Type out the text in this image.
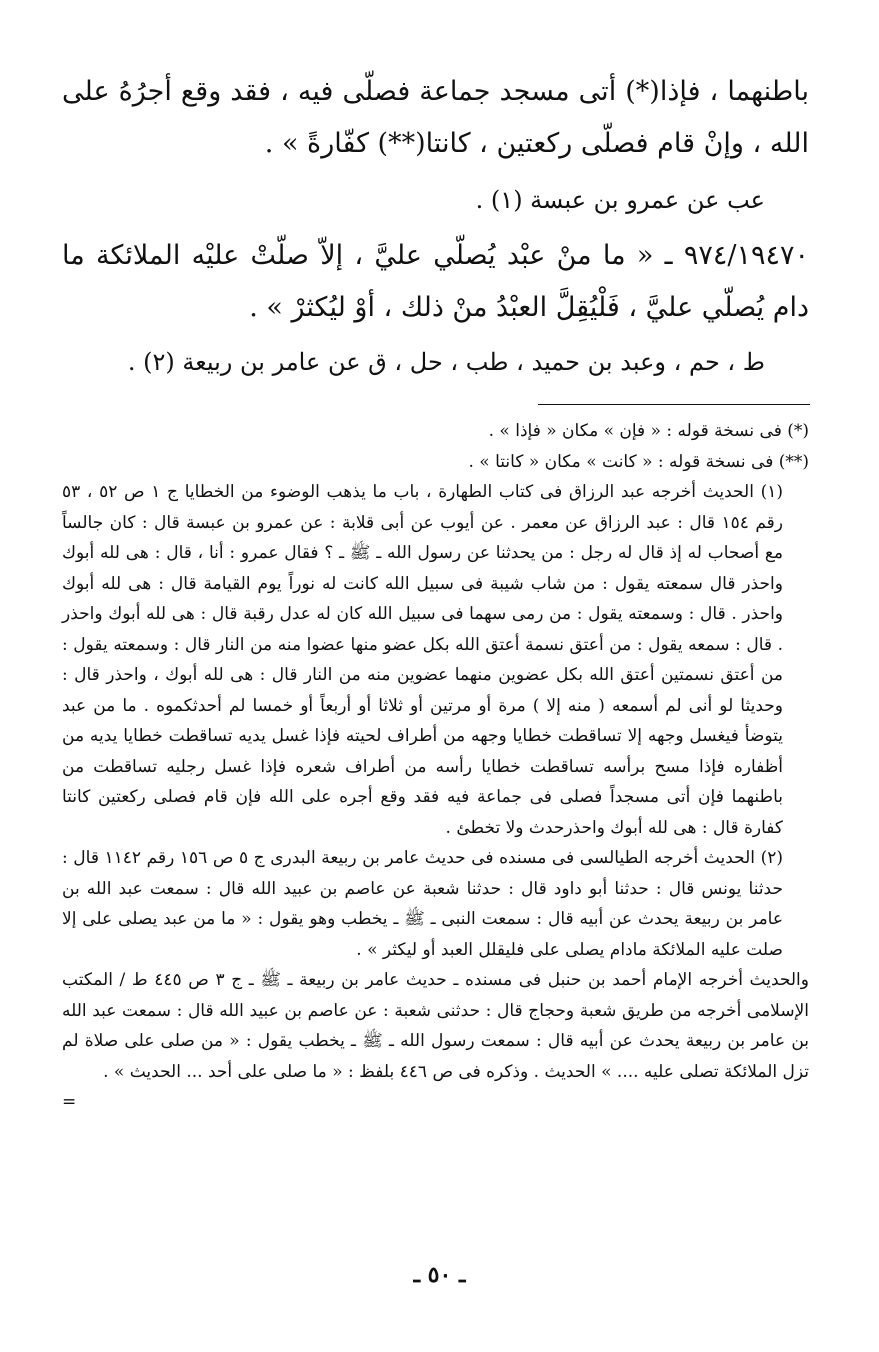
باطنهما ، فإذا(*) أتى مسجد جماعة فصلّى فيه ، فقد وقع أجرُهُ على الله ، وإنْ قام فصلّى ركعتين ، كانتا(**) كفّارةً » .

عب عن عمرو بن عبسة (١) .

٩٧٤/١٩٤٧٠ ـ « ما منْ عبْد يُصلّي عليَّ ، إلاّ صلّتْ عليْه الملائكة ما دام يُصلّي عليَّ ، فَلْيُقِلَّ العبْدُ منْ ذلك ، أوْ ليُكثرْ » .

ط ، حم ، وعبد بن حميد ، طب ، حل ، ق عن عامر بن ربيعة (٢) .

(*) فى نسخة قوله : « فإن » مكان « فإذا » .

(**) فى نسخة قوله : « كانت » مكان « كانتا » .

(١) الحديث أخرجه عبد الرزاق فى كتاب الطهارة ، باب ما يذهب الوضوء من الخطايا ج ١ ص ٥٢ ، ٥٣ رقم ١٥٤ قال : عبد الرزاق عن معمر . عن أيوب عن أبى قلابة : عن عمرو بن عبسة قال : كان جالساً مع أصحاب له إذ قال له رجل : من يحدثنا عن رسول الله ـ ﷺ ـ ؟ فقال عمرو : أنا ، قال : هى لله أبوك واحذر قال سمعته يقول : من شاب شيبة فى سبيل الله كانت له نوراً يوم القيامة قال : هى لله أبوك واحذر . قال : وسمعته يقول : من رمى سهما فى سبيل الله كان له عدل رقبة قال : هى لله أبوك واحذر . قال : سمعه يقول : من أعتق نسمة أعتق الله بكل عضو منها عضوا منه من النار قال : وسمعته يقول : من أعتق نسمتين أعتق الله بكل عضوين منهما عضوين منه من النار قال : هى لله أبوك ، واحذر قال : وحديثا لو أنى لم أسمعه ( منه إلا ) مرة أو مرتين أو ثلاثا أو أربعاً أو خمسا لم أحدثكموه . ما من عبد يتوضأ فيغسل وجهه إلا تساقطت خطايا وجهه من أطراف لحيته فإذا غسل يديه تساقطت خطايا يديه من أظفاره فإذا مسح برأسه تساقطت خطايا رأسه من أطراف شعره فإذا غسل رجليه تساقطت من باطنهما فإن أتى مسجداً فصلى فى جماعة فيه فقد وقع أجره على الله فإن قام فصلى ركعتين كانتا كفارة قال : هى لله أبوك واحذرحدث ولا تخطئ .

(٢) الحديث أخرجه الطيالسى فى مسنده فى حديث عامر بن ربيعة البدرى ج ٥ ص ١٥٦ رقم ١١٤٢ قال : حدثنا يونس قال : حدثنا أبو داود قال : حدثنا شعبة عن عاصم بن عبيد الله قال : سمعت عبد الله بن عامر بن ربيعة يحدث عن أبيه قال : سمعت النبى ـ ﷺ ـ يخطب وهو يقول : « ما من عبد يصلى على إلا صلت عليه الملائكة مادام يصلى على فليقلل العبد أو ليكثر » .

والحديث أخرجه الإمام أحمد بن حنبل فى مسنده ـ حديث عامر بن ربيعة ـ ﷺ ـ ج ٣ ص ٤٤٥ ط / المكتب الإسلامى أخرجه من طريق شعبة وحجاج قال : حدثنى شعبة : عن عاصم بن عبيد الله قال : سمعت عبد الله بن عامر بن ربيعة يحدث عن أبيه قال : سمعت رسول الله ـ ﷺ ـ يخطب يقول : « من صلى على صلاة لم تزل الملائكة تصلى عليه .... » الحديث . وذكره فى ص ٤٤٦ بلفظ : « ما صلى على أحد ... الحديث » .

=

ـ ٥٠ ـ
